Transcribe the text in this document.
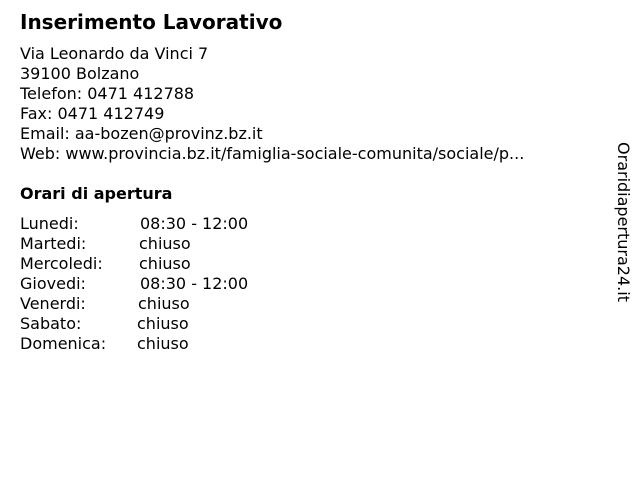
Inserimento Lavorativo
Via Leonardo da Vinci 7
39100 Bolzano
Telefon: 0471 412788
Fax: 0471 412749
Email: aa-bozen@provinz.bz.it
Web: www.provincia.bz.it/famiglia-sociale-comunita/sociale/p...
Orari di apertura
Lunedi:	08:30 - 12:00
Martedi:	chiuso
Mercoledi: chiuso
Giovedi:	08:30 - 12:00
Venerdi:	chiuso
Sabato:	chiuso
Domenica: chiuso
Oraridiapertura24.it
